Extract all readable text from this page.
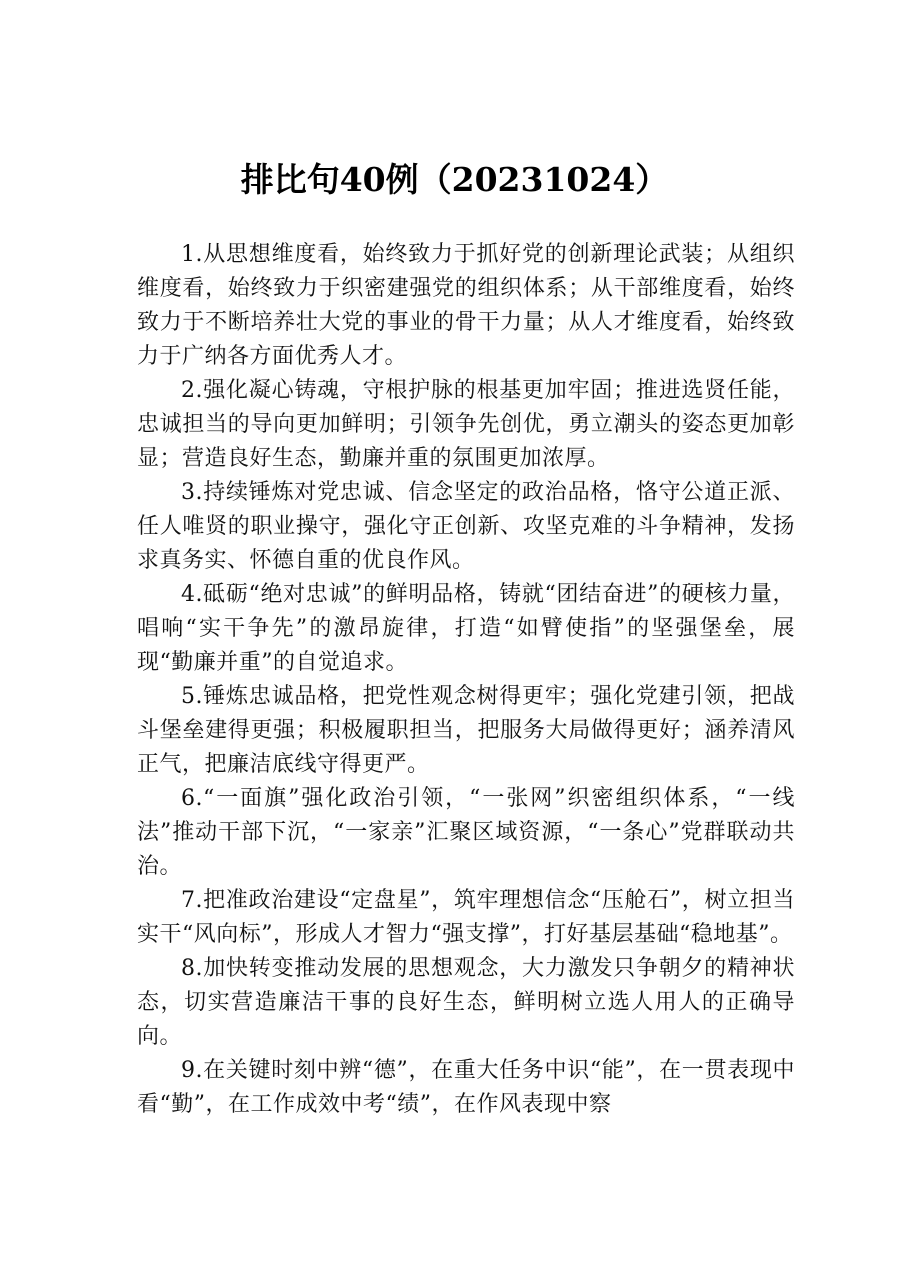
排比句40例（20231024）

1.从思想维度看，始终致力于抓好党的创新理论武装；从组织维度看，始终致力于织密建强党的组织体系；从干部维度看，始终致力于不断培养壮大党的事业的骨干力量；从人才维度看，始终致力于广纳各方面优秀人才。

2.强化凝心铸魂，守根护脉的根基更加牢固；推进选贤任能，忠诚担当的导向更加鲜明；引领争先创优，勇立潮头的姿态更加彰显；营造良好生态，勤廉并重的氛围更加浓厚。

3.持续锤炼对党忠诚、信念坚定的政治品格，恪守公道正派、任人唯贤的职业操守，强化守正创新、攻坚克难的斗争精神，发扬求真务实、怀德自重的优良作风。

4.砥砺“绝对忠诚”的鲜明品格，铸就“团结奋进”的硬核力量，唱响“实干争先”的激昂旋律，打造“如臂使指”的坚强堡垒，展现“勤廉并重”的自觉追求。

5.锤炼忠诚品格，把党性观念树得更牢；强化党建引领，把战斗堡垒建得更强；积极履职担当，把服务大局做得更好；涵养清风正气，把廉洁底线守得更严。

6.“一面旗”强化政治引领，“一张网”织密组织体系，“一线法”推动干部下沉，“一家亲”汇聚区域资源，“一条心”党群联动共治。

7.把准政治建设“定盘星”，筑牢理想信念“压舱石”，树立担当实干“风向标”，形成人才智力“强支撑”，打好基层基础“稳地基”。

8.加快转变推动发展的思想观念，大力激发只争朝夕的精神状态，切实营造廉洁干事的良好生态，鲜明树立选人用人的正确导向。

9.在关键时刻中辨“德”，在重大任务中识“能”，在一贯表现中看“勤”，在工作成效中考“绩”，在作风表现中察
